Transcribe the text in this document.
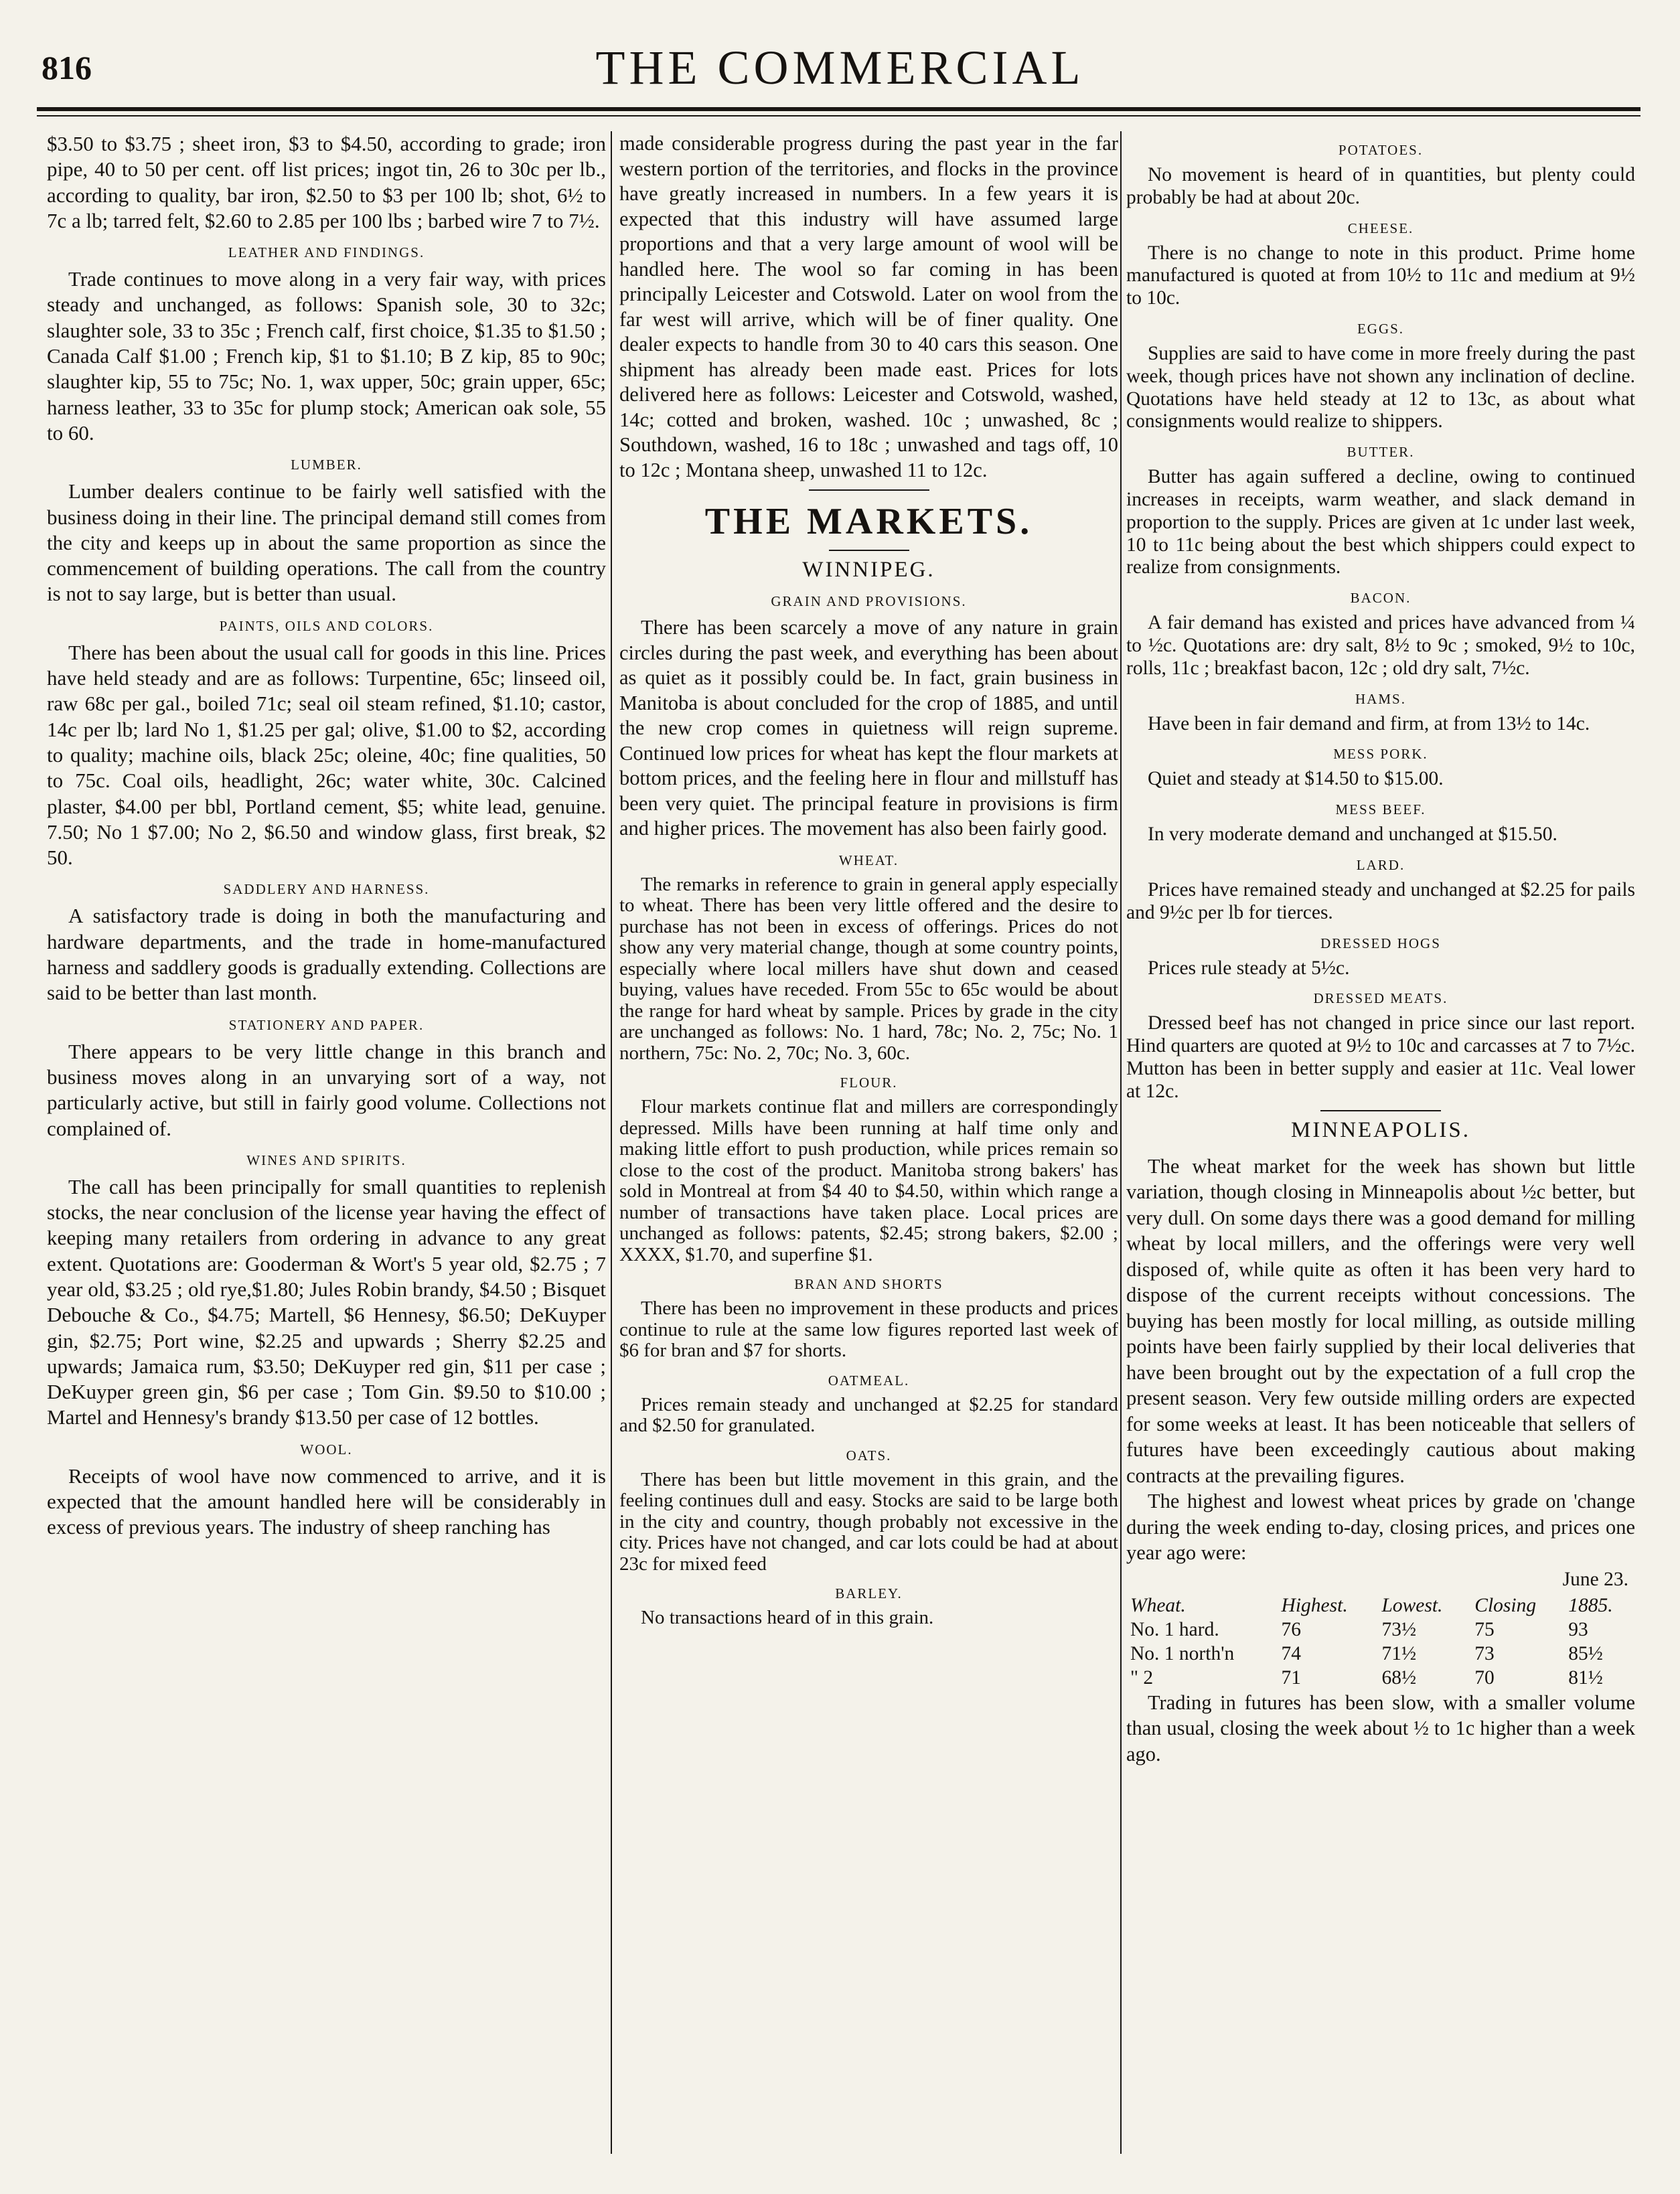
816	THE COMMERCIAL

$3.50 to $3.75 ; sheet iron, $3 to $4.50, according to grade; iron pipe, 40 to 50 per cent. off list prices; ingot tin, 26 to 30c per lb., according to quality, bar iron, $2.50 to $3 per 100 lb; shot, 6½ to 7c a lb; tarred felt, $2.60 to 2.85 per 100 lbs ; barbed wire 7 to 7½.

LEATHER AND FINDINGS.

Trade continues to move along in a very fair way, with prices steady and unchanged, as follows: Spanish sole, 30 to 32c; slaughter sole, 33 to 35c ; French calf, first choice, $1.35 to $1.50 ; Canada Calf $1.00 ; French kip, $1 to $1.10; B Z kip, 85 to 90c; slaughter kip, 55 to 75c; No. 1, wax upper, 50c; grain upper, 65c; harness leather, 33 to 35c for plump stock; American oak sole, 55 to 60.

LUMBER.

Lumber dealers continue to be fairly well satisfied with the business doing in their line. The principal demand still comes from the city and keeps up in about the same proportion as since the commencement of building operations. The call from the country is not to say large, but is better than usual.

PAINTS, OILS AND COLORS.

There has been about the usual call for goods in this line. Prices have held steady and are as follows: Turpentine, 65c; linseed oil, raw 68c per gal., boiled 71c; seal oil steam refined, $1.10; castor, 14c per lb; lard No 1, $1.25 per gal; olive, $1.00 to $2, according to quality; machine oils, black 25c; oleine, 40c; fine qualities, 50 to 75c. Coal oils, headlight, 26c; water white, 30c. Calcined plaster, $4.00 per bbl, Portland cement, $5; white lead, genuine. 7.50; No 1 $7.00; No 2, $6.50 and window glass, first break, $2 50.

SADDLERY AND HARNESS.

A satisfactory trade is doing in both the manufacturing and hardware departments, and the trade in home-manufactured harness and saddlery goods is gradually extending. Collections are said to be better than last month.

STATIONERY AND PAPER.

There appears to be very little change in this branch and business moves along in an unvarying sort of a way, not particularly active, but still in fairly good volume. Collections not complained of.

WINES AND SPIRITS.

The call has been principally for small quantities to replenish stocks, the near conclusion of the license year having the effect of keeping many retailers from ordering in advance to any great extent. Quotations are: Gooderman & Wort's 5 year old, $2.75 ; 7 year old, $3.25 ; old rye,$1.80; Jules Robin brandy, $4.50 ; Bisquet Debouche & Co., $4.75; Martell, $6 Hennesy, $6.50; DeKuyper gin, $2.75; Port wine, $2.25 and upwards ; Sherry $2.25 and upwards; Jamaica rum, $3.50; DeKuyper red gin, $11 per case ; DeKuyper green gin, $6 per case ; Tom Gin. $9.50 to $10.00 ; Martel and Hennesy's brandy $13.50 per case of 12 bottles.

WOOL.

Receipts of wool have now commenced to arrive, and it is expected that the amount handled here will be considerably in excess of previous years. The industry of sheep ranching has

made considerable progress during the past year in the far western portion of the territories, and flocks in the province have greatly increased in numbers. In a few years it is expected that this industry will have assumed large proportions and that a very large amount of wool will be handled here. The wool so far coming in has been principally Leicester and Cotswold. Later on wool from the far west will arrive, which will be of finer quality. One dealer expects to handle from 30 to 40 cars this season. One shipment has already been made east. Prices for lots delivered here as follows: Leicester and Cotswold, washed, 14c; cotted and broken, washed. 10c ; unwashed, 8c ; Southdown, washed, 16 to 18c ; unwashed and tags off, 10 to 12c ; Montana sheep, unwashed 11 to 12c.

THE MARKETS.
WINNIPEG.
GRAIN AND PROVISIONS.

There has been scarcely a move of any nature in grain circles during the past week, and everything has been about as quiet as it possibly could be. In fact, grain business in Manitoba is about concluded for the crop of 1885, and until the new crop comes in quietness will reign supreme. Continued low prices for wheat has kept the flour markets at bottom prices, and the feeling here in flour and millstuff has been very quiet. The principal feature in provisions is firm and higher prices. The movement has also been fairly good.

WHEAT.

The remarks in reference to grain in general apply especially to wheat. There has been very little offered and the desire to purchase has not been in excess of offerings. Prices do not show any very material change, though at some country points, especially where local millers have shut down and ceased buying, values have receded. From 55c to 65c would be about the range for hard wheat by sample. Prices by grade in the city are unchanged as follows: No. 1 hard, 78c; No. 2, 75c; No. 1 northern, 75c: No. 2, 70c; No. 3, 60c.

FLOUR.

Flour markets continue flat and millers are correspondingly depressed. Mills have been running at half time only and making little effort to push production, while prices remain so close to the cost of the product. Manitoba strong bakers' has sold in Montreal at from $4 40 to $4.50, within which range a number of transactions have taken place. Local prices are unchanged as follows: patents, $2.45; strong bakers, $2.00 ; XXXX, $1.70, and superfine $1.

BRAN AND SHORTS

There has been no improvement in these products and prices continue to rule at the same low figures reported last week of $6 for bran and $7 for shorts.

OATMEAL.

Prices remain steady and unchanged at $2.25 for standard and $2.50 for granulated.

OATS.

There has been but little movement in this grain, and the feeling continues dull and easy. Stocks are said to be large both in the city and country, though probably not excessive in the city. Prices have not changed, and car lots could be had at about 23c for mixed feed

BARLEY.

No transactions heard of in this grain.

POTATOES.

No movement is heard of in quantities, but plenty could probably be had at about 20c.

CHEESE.

There is no change to note in this product. Prime home manufactured is quoted at from 10½ to 11c and medium at 9½ to 10c.

EGGS.

Supplies are said to have come in more freely during the past week, though prices have not shown any inclination of decline. Quotations have held steady at 12 to 13c, as about what consignments would realize to shippers.

BUTTER.

Butter has again suffered a decline, owing to continued increases in receipts, warm weather, and slack demand in proportion to the supply. Prices are given at 1c under last week, 10 to 11c being about the best which shippers could expect to realize from consignments.

BACON.

A fair demand has existed and prices have advanced from ¼ to ½c. Quotations are: dry salt, 8½ to 9c ; smoked, 9½ to 10c, rolls, 11c ; breakfast bacon, 12c ; old dry salt, 7½c.

HAMS.

Have been in fair demand and firm, at from 13½ to 14c.

MESS PORK.

Quiet and steady at $14.50 to $15.00.

MESS BEEF.

In very moderate demand and unchanged at $15.50.

LARD.

Prices have remained steady and unchanged at $2.25 for pails and 9½c per lb for tierces.

DRESSED HOGS

Prices rule steady at 5½c.

DRESSED MEATS.

Dressed beef has not changed in price since our last report. Hind quarters are quoted at 9½ to 10c and carcasses at 7 to 7½c. Mutton has been in better supply and easier at 11c. Veal lower at 12c.

MINNEAPOLIS.

The wheat market for the week has shown but little variation, though closing in Minneapolis about ½c better, but very dull. On some days there was a good demand for milling wheat by local millers, and the offerings were very well disposed of, while quite as often it has been very hard to dispose of the current receipts without concessions. The buying has been mostly for local milling, as outside milling points have been fairly supplied by their local deliveries that have been brought out by the expectation of a full crop the present season. Very few outside milling orders are expected for some weeks at least. It has been noticeable that sellers of futures have been exceedingly cautious about making contracts at the prevailing figures.

The highest and lowest wheat prices by grade on 'change during the week ending to-day, closing prices, and prices one year ago were:

June 23.
Wheat.	Highest.	Lowest.	Closing	1885.
No. 1 hard.	76	73½	75	93
No. 1 north'n	74	71½	73	85½
" 2	71	68½	70	81½

Trading in futures has been slow, with a smaller volume than usual, closing the week about ½ to 1c higher than a week ago.
